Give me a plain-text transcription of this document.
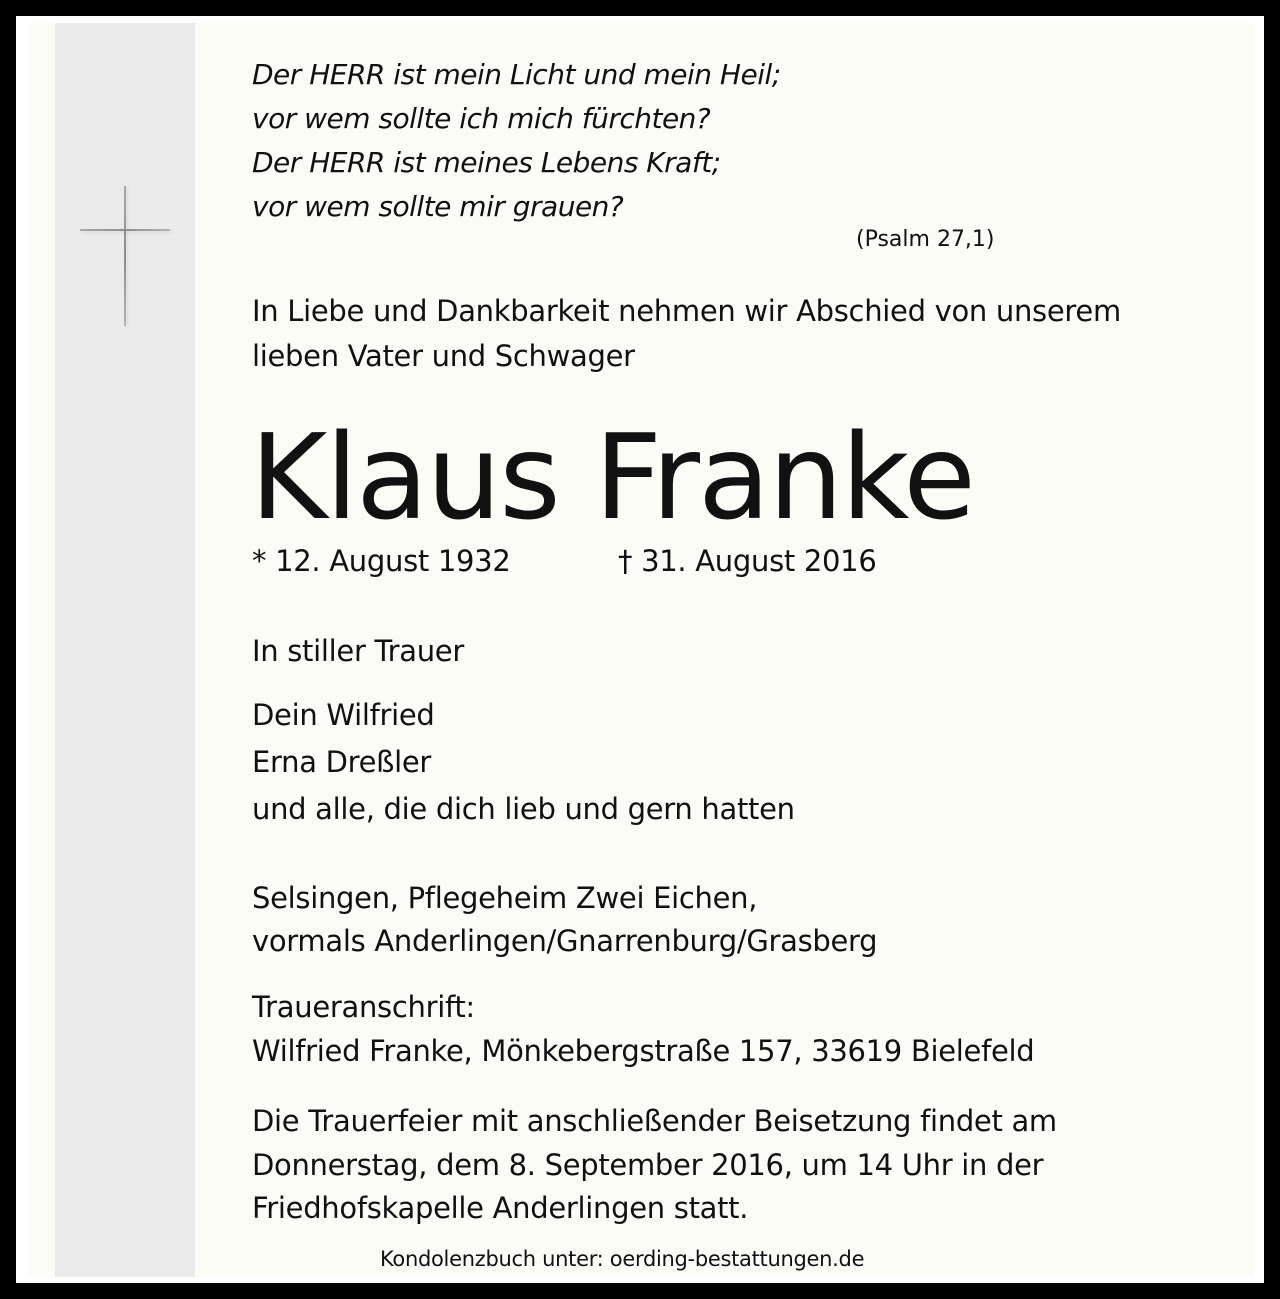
Der HERR ist mein Licht und mein Heil;
vor wem sollte ich mich fürchten?
Der HERR ist meines Lebens Kraft;
vor wem sollte mir grauen?
(Psalm 27,1)
In Liebe und Dankbarkeit nehmen wir Abschied von unserem
lieben Vater und Schwager
Klaus Franke
* 12. August 1932	† 31. August 2016
In stiller Trauer
Dein Wilfried
Erna Dreßler
und alle, die dich lieb und gern hatten
Selsingen, Pflegeheim Zwei Eichen,
vormals Anderlingen/Gnarrenburg/Grasberg
Traueranschrift:
Wilfried Franke, Mönkebergstraße 157, 33619 Bielefeld
Die Trauerfeier mit anschließender Beisetzung findet am
Donnerstag, dem 8. September 2016, um 14 Uhr in der
Friedhofskapelle Anderlingen statt.
Kondolenzbuch unter: oerding-bestattungen.de
